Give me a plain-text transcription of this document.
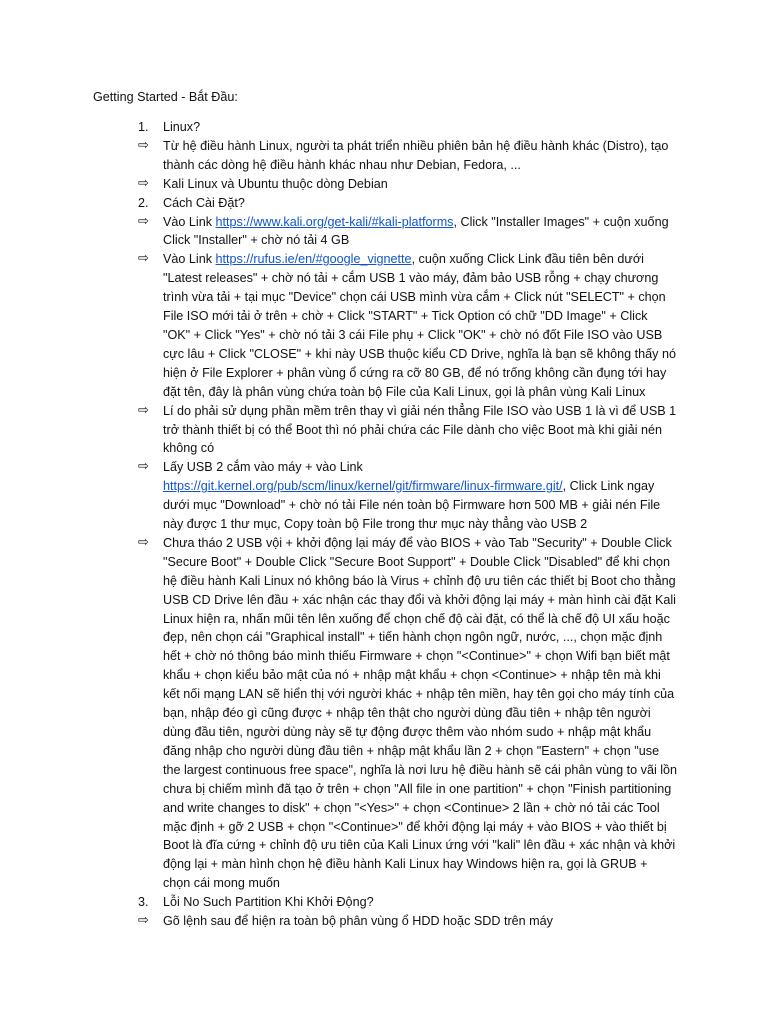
Getting Started - Bắt Đầu:
1.	Linux?
⇨	Từ hệ điều hành Linux, người ta phát triển nhiều phiên bản hệ điều hành khác (Distro), tạo thành các dòng hệ điều hành khác nhau như Debian, Fedora, ...
⇨	Kali Linux và Ubuntu thuộc dòng Debian
2.	Cách Cài Đặt?
⇨	Vào Link https://www.kali.org/get-kali/#kali-platforms, Click "Installer Images" + cuộn xuống Click "Installer" + chờ nó tải 4 GB
⇨	Vào Link https://rufus.ie/en/#google_vignette, cuộn xuống Click Link đầu tiên bên dưới "Latest releases" + chờ nó tải + cắm USB 1 vào máy, đảm bảo USB rỗng + chạy chương trình vừa tải + tại mục "Device" chọn cái USB mình vừa cắm + Click nút "SELECT" + chọn File ISO mới tải ở trên + chờ + Click "START" + Tick Option có chữ "DD Image" + Click "OK" + Click "Yes" + chờ nó tải 3 cái File phụ + Click "OK" + chờ nó đốt File ISO vào USB cực lâu + Click "CLOSE" + khi này USB thuộc kiểu CD Drive, nghĩa là bạn sẽ không thấy nó hiện ở File Explorer + phân vùng ổ cứng ra cỡ 80 GB, để nó trống không cần đụng tới hay đặt tên, đây là phân vùng chứa toàn bộ File của Kali Linux, gọi là phân vùng Kali Linux
⇨	Lí do phải sử dụng phần mềm trên thay vì giải nén thẳng File ISO vào USB 1 là vì để USB 1 trở thành thiết bị có thể Boot thì nó phải chứa các File dành cho việc Boot mà khi giải nén không có
⇨	Lấy USB 2 cắm vào máy + vào Link https://git.kernel.org/pub/scm/linux/kernel/git/firmware/linux-firmware.git/, Click Link ngay dưới mục "Download" + chờ nó tải File nén toàn bộ Firmware hơn 500 MB + giải nén File này được 1 thư mục, Copy toàn bộ File trong thư mục này thẳng vào USB 2
⇨	Chưa tháo 2 USB vội + khởi động lại máy để vào BIOS + vào Tab "Security" + Double Click "Secure Boot" + Double Click "Secure Boot Support" + Double Click "Disabled" để khi chọn hệ điều hành Kali Linux nó không báo là Virus + chỉnh độ ưu tiên các thiết bị Boot cho thằng USB CD Drive lên đầu + xác nhận các thay đổi và khởi động lại máy + màn hình cài đặt Kali Linux hiện ra, nhấn mũi tên lên xuống để chọn chế độ cài đặt, có thể là chế độ UI xấu hoặc đẹp, nên chọn cái "Graphical install" + tiến hành chọn ngôn ngữ, nước, ..., chọn mặc định hết + chờ nó thông báo mình thiếu Firmware + chọn "<Continue>" + chọn Wifi bạn biết mật khẩu + chọn kiểu bảo mật của nó + nhập mật khẩu + chọn <Continue> + nhập tên mà khi kết nối mạng LAN sẽ hiển thị với người khác + nhập tên miền, hay tên gọi cho máy tính của bạn, nhập đéo gì cũng được + nhập tên thật cho người dùng đầu tiên + nhập tên người dùng đầu tiên, người dùng này sẽ tự động được thêm vào nhóm sudo + nhập mật khẩu đăng nhập cho người dùng đầu tiên + nhập mật khẩu lần 2 + chọn "Eastern" + chọn "use the largest continuous free space", nghĩa là nơi lưu hệ điều hành sẽ cái phân vùng to vãi lồn chưa bị chiếm mình đã tạo ở trên + chọn "All file in one partition" + chọn "Finish partitioning and write changes to disk" + chọn "<Yes>" + chọn <Continue> 2 lần + chờ nó tải các Tool mặc định + gỡ 2 USB + chọn "<Continue>" để khởi động lại máy + vào BIOS + vào thiết bị Boot là đĩa cứng + chỉnh độ ưu tiên của Kali Linux ứng với "kali" lên đầu + xác nhận và khởi động lại + màn hình chọn hệ điều hành Kali Linux hay Windows hiện ra, gọi là GRUB + chọn cái mong muốn
3.	Lỗi No Such Partition Khi Khởi Động?
⇨	Gõ lệnh sau để hiện ra toàn bộ phân vùng ổ HDD hoặc SDD trên máy
